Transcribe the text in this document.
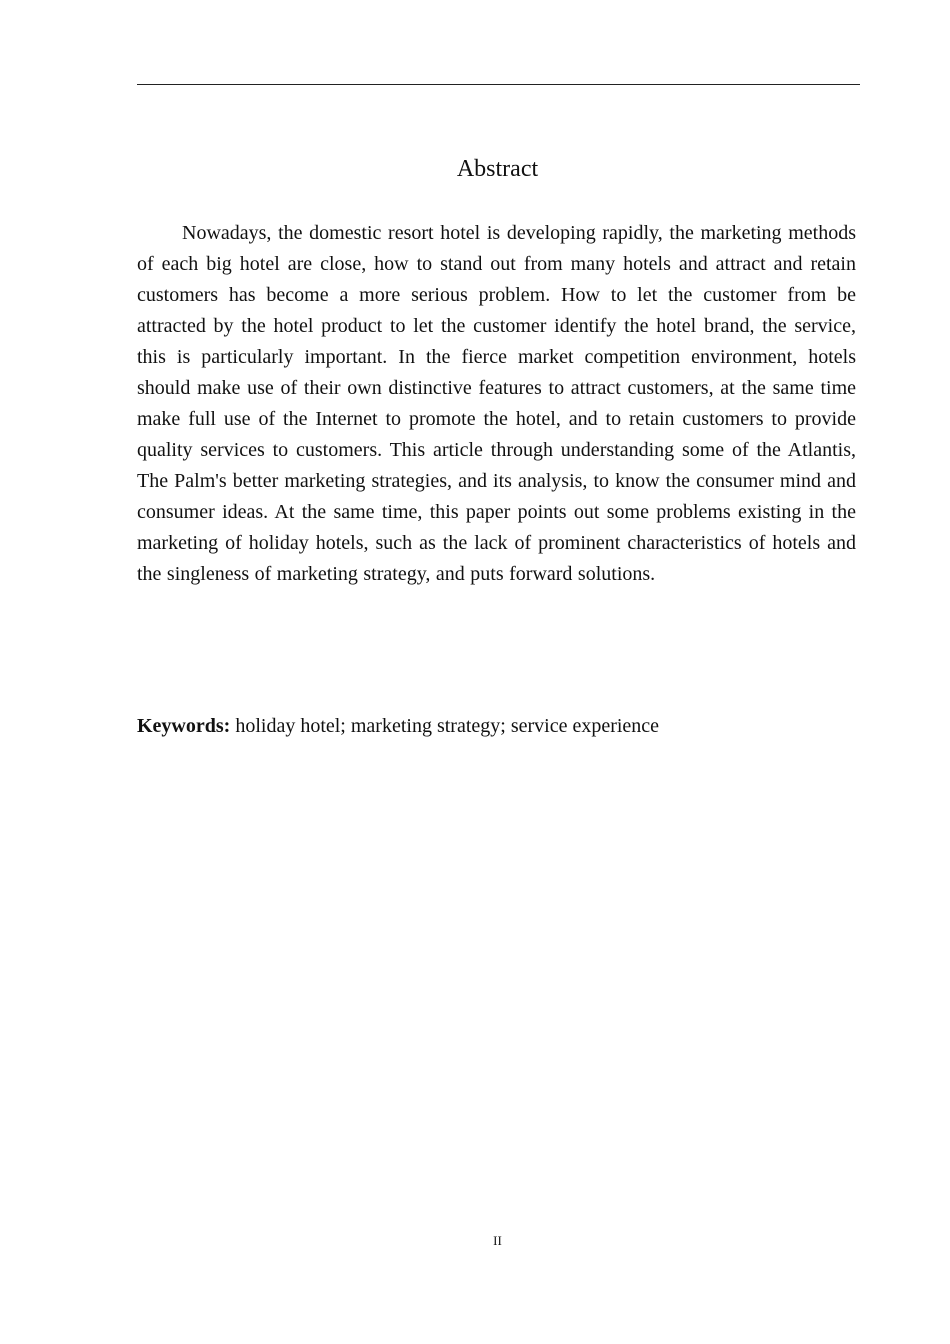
Abstract

Nowadays, the domestic resort hotel is developing rapidly, the marketing methods of each big hotel are close, how to stand out from many hotels and attract and retain customers has become a more serious problem. How to let the customer from be attracted by the hotel product to let the customer identify the hotel brand, the service, this is particularly important. In the fierce market competition environment, hotels should make use of their own distinctive features to attract customers, at the same time make full use of the Internet to promote the hotel, and to retain customers to provide quality services to customers. This article through understanding some of the Atlantis, The Palm's better marketing strategies, and its analysis, to know the consumer mind and consumer ideas. At the same time, this paper points out some problems existing in the marketing of holiday hotels, such as the lack of prominent characteristics of hotels and the singleness of marketing strategy, and puts forward solutions.

Keywords: holiday hotel; marketing strategy; service experience

II
